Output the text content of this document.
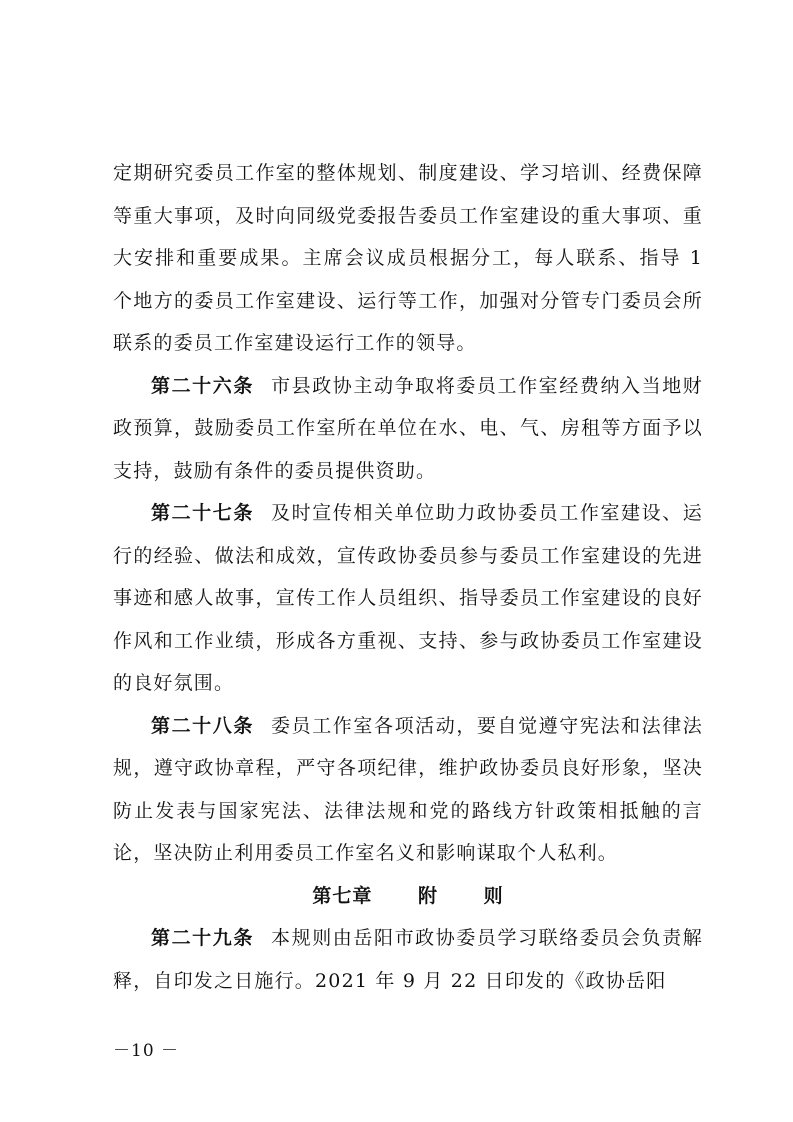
定期研究委员工作室的整体规划、制度建设、学习培训、经费保障等重大事项，及时向同级党委报告委员工作室建设的重大事项、重大安排和重要成果。主席会议成员根据分工，每人联系、指导 1 个地方的委员工作室建设、运行等工作，加强对分管专门委员会所联系的委员工作室建设运行工作的领导。

第二十六条 市县政协主动争取将委员工作室经费纳入当地财政预算，鼓励委员工作室所在单位在水、电、气、房租等方面予以支持，鼓励有条件的委员提供资助。

第二十七条 及时宣传相关单位助力政协委员工作室建设、运行的经验、做法和成效，宣传政协委员参与委员工作室建设的先进事迹和感人故事，宣传工作人员组织、指导委员工作室建设的良好作风和工作业绩，形成各方重视、支持、参与政协委员工作室建设的良好氛围。

第二十八条 委员工作室各项活动，要自觉遵守宪法和法律法规，遵守政协章程，严守各项纪律，维护政协委员良好形象，坚决防止发表与国家宪法、法律法规和党的路线方针政策相抵触的言论，坚决防止利用委员工作室名义和影响谋取个人私利。

第七章  附  则

第二十九条 本规则由岳阳市政协委员学习联络委员会负责解释，自印发之日施行。2021 年 9 月 22 日印发的《政协岳阳

－10 －
